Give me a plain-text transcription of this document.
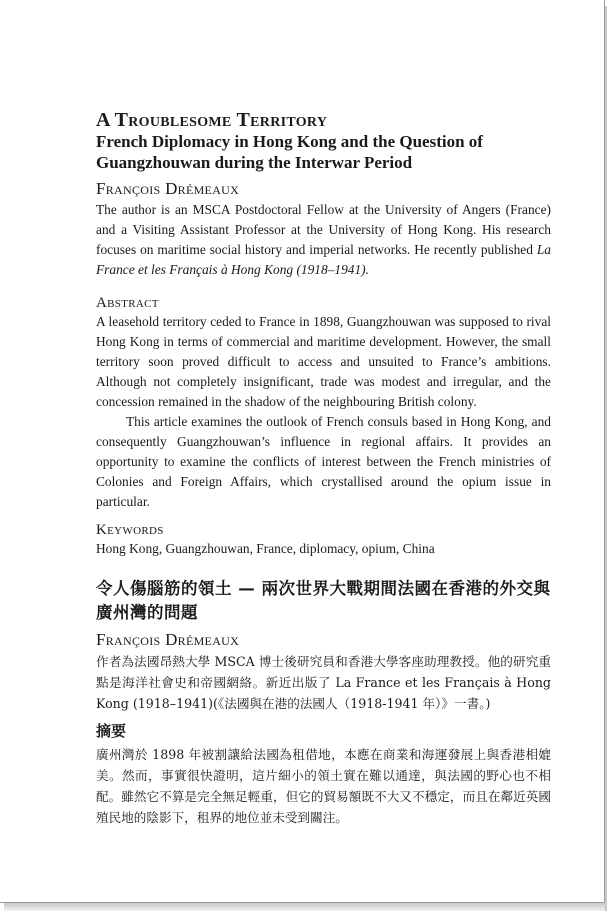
A Troublesome Territory
French Diplomacy in Hong Kong and the Question of Guangzhouwan during the Interwar Period
François Drémeaux

The author is an MSCA Postdoctoral Fellow at the University of Angers (France) and a Visiting Assistant Professor at the University of Hong Kong. His research focuses on maritime social history and imperial networks. He recently published La France et les Français à Hong Kong (1918–1941).

Abstract

A leasehold territory ceded to France in 1898, Guangzhouwan was supposed to rival Hong Kong in terms of commercial and maritime development. However, the small territory soon proved difficult to access and unsuited to France’s ambitions. Although not completely insignificant, trade was modest and irregular, and the concession remained in the shadow of the neighbouring British colony.

This article examines the outlook of French consuls based in Hong Kong, and consequently Guangzhouwan’s influence in regional affairs. It provides an opportunity to examine the conflicts of interest between the French ministries of Colonies and Foreign Affairs, which crystallised around the opium issue in particular.

Keywords

Hong Kong, Guangzhouwan, France, diplomacy, opium, China

令人傷腦筋的領土 — 兩次世界大戰期間法國在香港的外交與廣州灣的問題
François Drémeaux

作者為法國昂熱大學 MSCA 博士後研究員和香港大學客座助理教授。他的研究重點是海洋社會史和帝國網絡。新近出版了 La France et les Français à Hong Kong (1918–1941)(《法國與在港的法國人（1918-1941 年）》一書。)

摘要

廣州灣於 1898 年被割讓給法國為租借地，本應在商業和海運發展上與香港相媲美。然而，事實很快證明，這片細小的領土實在難以通達，與法國的野心也不相配。雖然它不算是完全無足輕重，但它的貿易額既不大又不穩定，而且在鄰近英國殖民地的陰影下，租界的地位並未受到關注。
